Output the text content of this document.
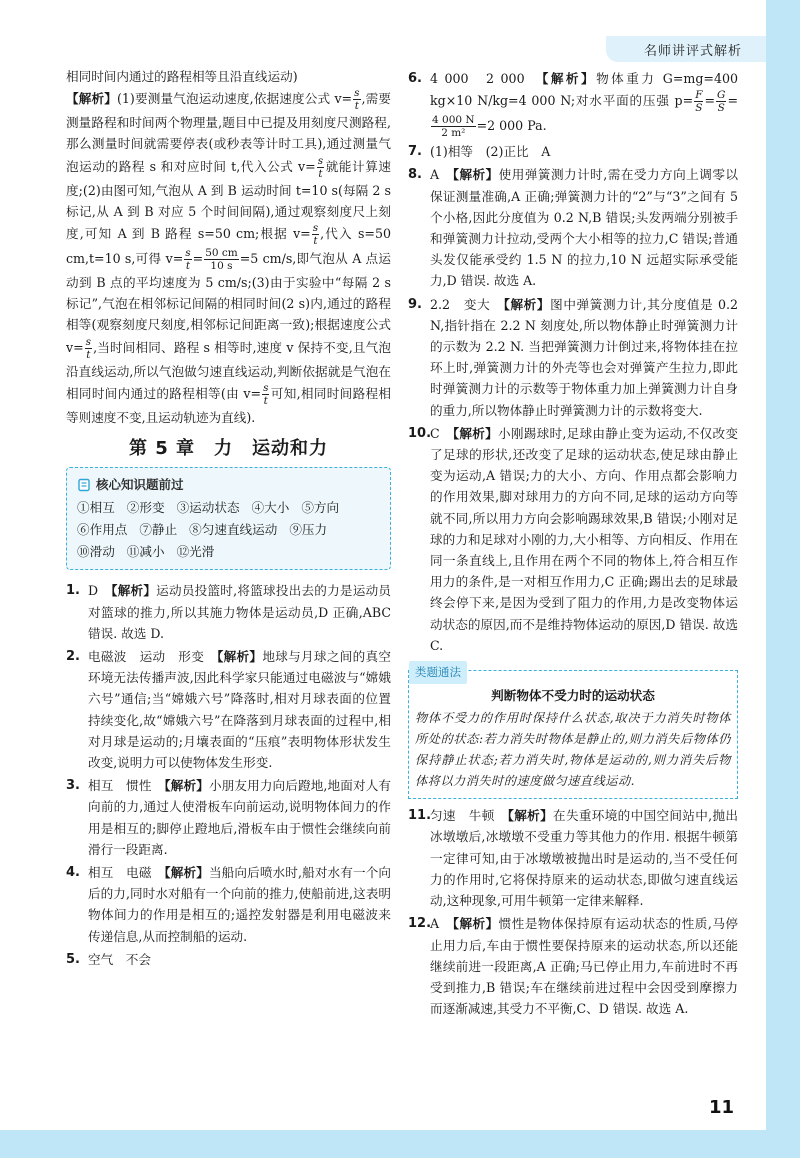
名师讲评式解析

相同时间内通过的路程相等且沿直线运动)

【解析】(1)要测量气泡运动速度,依据速度公式 $v= \frac{s}{t}$ ,需要测量路程和时间两个物理量,题目中已提及用刻度尺测路程,那么测量时间就需要停表(或秒表等计时工具),通过测量气泡运动的路程 s 和对应时间 t,代入公式 $v= \frac{s}{t}$ 就能计算速度;(2)由图可知,气泡从 A 到 B 运动时间 t=10 s(每隔 2 s 标记,从 A 到 B 对应 5 个时间间隔),通过观察刻度尺上刻度,可知 A 到 B 路程 s=50 cm;根据 $v= \frac{s}{t}$ ,代入 s=50 cm,t=10 s,可得 $v= \frac{s}{t} = \frac{50 cm}{10 s} =5$ cm/s,即气泡从 A 点运动到 B 点的平均速度为 5 cm/s;(3)由于实验中“每隔 2 s 标记”,气泡在相邻标记间隔的相同时间(2 s)内,通过的路程相等(观察刻度尺刻度,相邻标记间距离一致);根据速度公式 $v= \frac{s}{t}$ ,当时间相同、路程 s 相等时,速度 v 保持不变,且气泡沿直线运动,所以气泡做匀速直线运动,判断依据就是气泡在相同时间内通过的路程相等(由 $v= \frac{s}{t}$ 可知,相同时间路程相等则速度不变,且运动轨迹为直线).

第 5 章　力　运动和力
核心知识题前过
①相互 ②形变 ③运动状态 ④大小 ⑤方向
⑥作用点 ⑦静止 ⑧匀速直线运动 ⑨压力
⑩滑动 ⑪减小 ⑫光滑
1. D　 【解析】运动员投篮时,将篮球投出去的力是运动员对篮球的推力,所以其施力物体是运动员,D 正确,ABC 错误. 故选 D.
2. 电磁波　运动　形变　 【解析】地球与月球之间的真空环境无法传播声波,因此科学家只能通过电磁波与“嫦娥六号”通信;当“嫦娥六号”降落时,相对月球表面的位置持续变化,故“嫦娥六号”在降落到月球表面的过程中,相对月球是运动的;月壤表面的“压痕”表明物体形状发生改变,说明力可以使物体发生形变.
3. 相互　惯性　 【解析】小朋友用力向后蹬地,地面对人有向前的力,通过人使滑板车向前运动,说明物体间力的作用是相互的;脚停止蹬地后,滑板车由于惯性会继续向前滑行一段距离.
4. 相互　电磁　 【解析】当船向后喷水时,船对水有一个向后的力,同时水对船有一个向前的推力,使船前进,这表明物体间力的作用是相互的;遥控发射器是利用电磁波来传递信息,从而控制船的运动.
5. 空气　不会
6. 4 000　2 000　 【解析】物体重力 G=mg=400 kg×10 N/kg=4 000 N;对水平面的压强 $p= \frac{F}{S} = \frac{G}{S}$ =
$\frac{4 000 N}{\text{2 m²}} =2$ 000 Pa.
7. (1)相等　(2)正比　A
8. A　 【解析】使用弹簧测力计时,需在受力方向上调零以保证测量准确,A 正确;弹簧测力计的“2”与“3”之间有 5 个小格,因此分度值为 0.2 N,B 错误;头发两端分别被手和弹簧测力计拉动,受两个大小相等的拉力,C 错误;普通头发仅能承受约 1.5 N 的拉力,10 N 远超实际承受能力,D 错误. 故选 A.
9. 2.2　变大　 【解析】图中弹簧测力计,其分度值是 0.2 N,指针指在 2.2 N 刻度处,所以物体静止时弹簧测力计的示数为 2.2 N. 当把弹簧测力计倒过来,将物体挂在拉环上时,弹簧测力计的外壳等也会对弹簧产生拉力,即此时弹簧测力计的示数等于物体重力加上弹簧测力计自身的重力,所以物体静止时弹簧测力计的示数将变大.
10.
C　 【解析】小刚踢球时,足球由静止变为运动,不仅改变了足球的形状,还改变了足球的运动状态,使足球由静止变为运动,A 错误;力的大小、方向、作用点都会影响力的作用效果,脚对球用力的方向不同,足球的运动方向等就不同,所以用力方向会影响踢球效果,B 错误;小刚对足球的力和足球对小刚的力,大小相等、方向相反、作用在同一条直线上,且作用在两个不同的物体上,符合相互作用力的条件,是一对相互作用力,C 正确;踢出去的足球最终会停下来,是因为受到了阻力的作用,力是改变物体运动状态的原因,而不是维持物体运动的原因,D 错误. 故选 C.
类题通法
判断物体不受力时的运动状态
物体不受力的作用时保持什么状态,取决于力消失时物体所处的状态:若力消失时物体是静止的,则力消失后物体仍保持静止状态;若力消失时,物体是运动的,则力消失后物体将以力消失时的速度做匀速直线运动.
11.
匀速　牛顿　 【解析】在失重环境的中国空间站中,抛出冰墩墩后,冰墩墩不受重力等其他力的作用. 根据牛顿第一定律可知,由于冰墩墩被抛出时是运动的,当不受任何力的作用时,它将保持原来的运动状态,即做匀速直线运动,这种现象,可用牛顿第一定律来解释.
12.
A　 【解析】惯性是物体保持原有运动状态的性质,马停止用力后,车由于惯性要保持原来的运动状态,所以还能继续前进一段距离,A 正确;马已停止用力,车前进时不再受到推力,B 错误;车在继续前进过程中会因受到摩擦力而逐渐减速,其受力不平衡,C、D 错误. 故选 A.
11
